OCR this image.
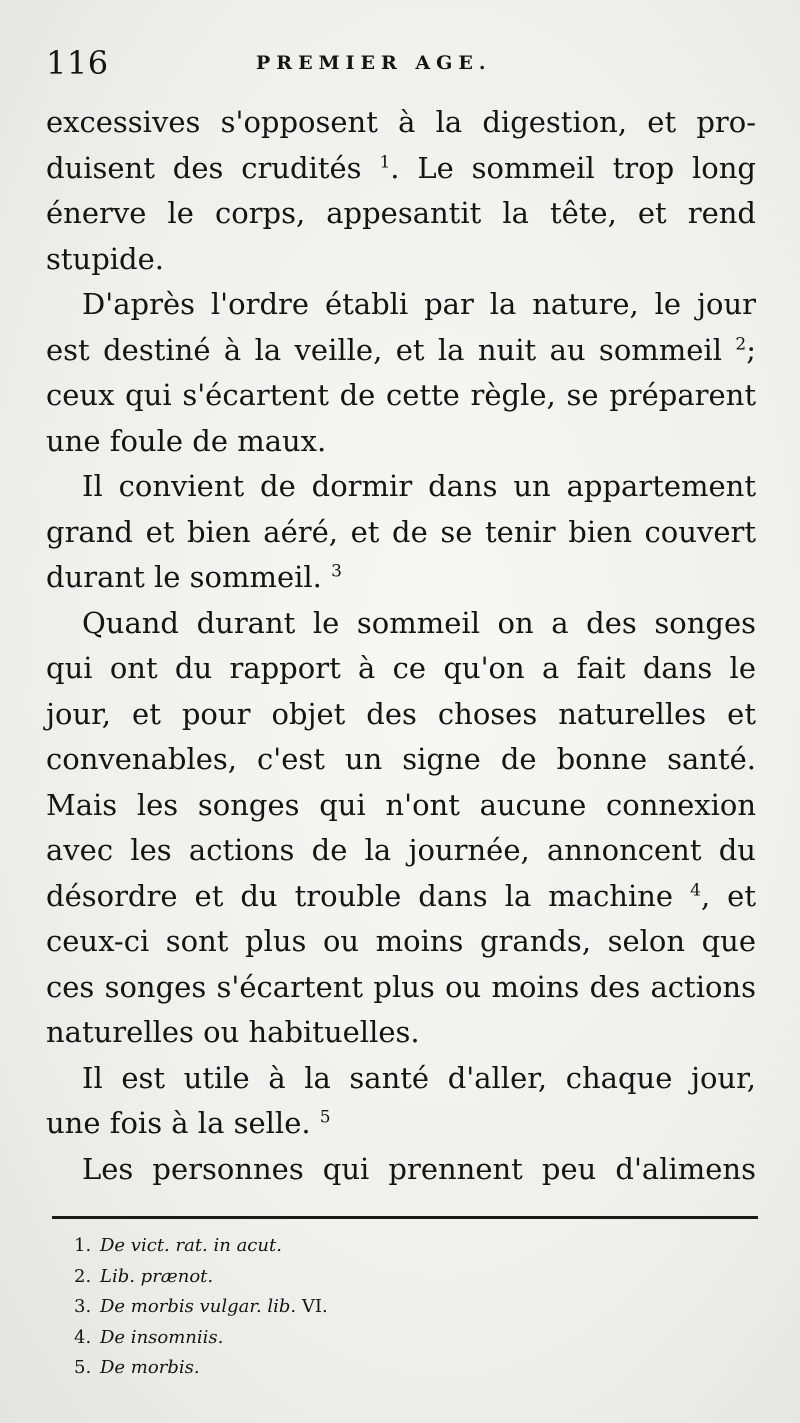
116	PREMIER AGE.
excessives s'opposent à la digestion, et pro-
duisent des crudités $^1$. Le sommeil trop long
énerve le corps, appesantit la tête, et rend
stupide.
D'après l'ordre établi par la nature, le jour
est destiné à la veille, et la nuit au sommeil $^2$;
ceux qui s'écartent de cette règle, se préparent
une foule de maux.
Il convient de dormir dans un appartement
grand et bien aéré, et de se tenir bien couvert
durant le sommeil. $^3$
Quand durant le sommeil on a des songes
qui ont du rapport à ce qu'on a fait dans le
jour, et pour objet des choses naturelles et
convenables, c'est un signe de bonne santé.
Mais les songes qui n'ont aucune connexion
avec les actions de la journée, annoncent du
désordre et du trouble dans la machine $^4$, et
ceux-ci sont plus ou moins grands, selon que
ces songes s'écartent plus ou moins des actions
naturelles ou habituelles.
Il est utile à la santé d'aller, chaque jour,
une fois à la selle. $^5$
Les personnes qui prennent peu d'alimens
1. De vict. rat. in acut.
2. Lib. prænot.
3. De morbis vulgar. lib. VI.
4. De insomniis.
5. De morbis.
